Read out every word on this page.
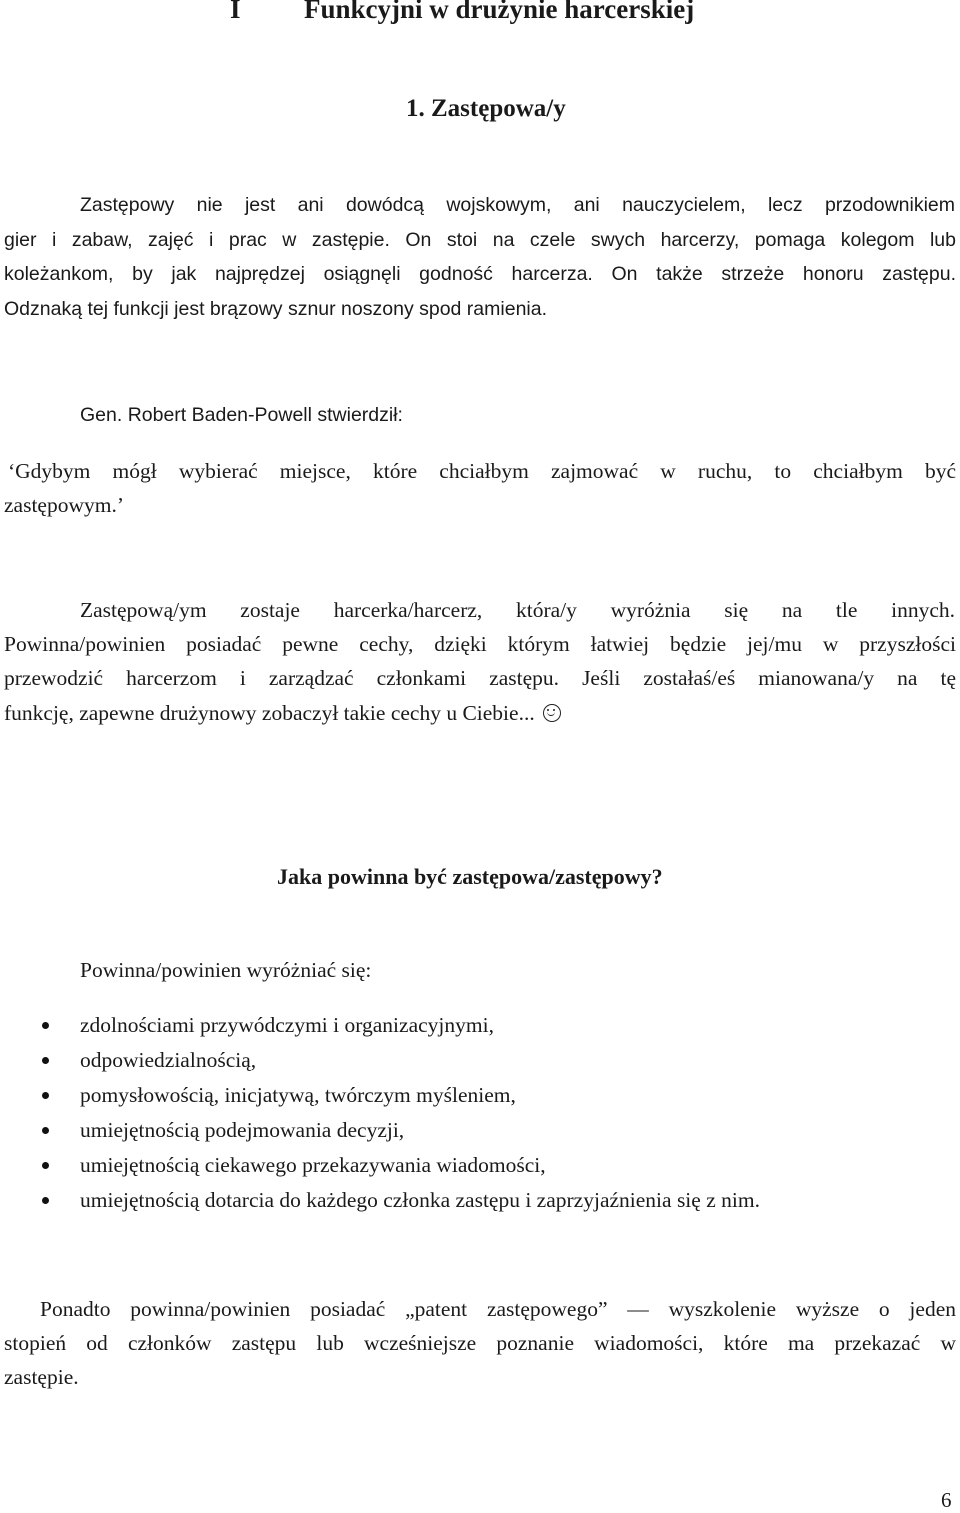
I Funkcyjni w drużynie harcerskiej
1. Zastępowa/y
Zastępowy nie jest ani dowódcą wojskowym, ani nauczycielem, lecz przodownikiem
gier i zabaw, zajęć i prac w zastępie. On stoi na czele swych harcerzy, pomaga kolegom lub
koleżankom, by jak najprędzej osiągnęli godność harcerza. On także strzeże honoru zastępu.
Odznaką tej funkcji jest brązowy sznur noszony spod ramienia.
Gen. Robert Baden-Powell stwierdził:
‘Gdybym mógł wybierać miejsce, które chciałbym zajmować w ruchu, to chciałbym być
zastępowym.’
Zastępową/ym zostaje harcerka/harcerz, która/y wyróżnia się na tle innych.
Powinna/powinien posiadać pewne cechy, dzięki którym łatwiej będzie jej/mu w przyszłości
przewodzić harcerzom i zarządzać członkami zastępu. Jeśli zostałaś/eś mianowana/y na tę
funkcję, zapewne drużynowy zobaczył takie cechy u Ciebie...
Jaka powinna być zastępowa/zastępowy?
Powinna/powinien wyróżniać się:
zdolnościami przywódczymi i organizacyjnymi,
odpowiedzialnością,
pomysłowością, inicjatywą, twórczym myśleniem,
umiejętnością podejmowania decyzji,
umiejętnością ciekawego przekazywania wiadomości,
umiejętnością dotarcia do każdego członka zastępu i zaprzyjaźnienia się z nim.
Ponadto powinna/powinien posiadać „patent zastępowego” — wyszkolenie wyższe o jeden
stopień od członków zastępu lub wcześniejsze poznanie wiadomości, które ma przekazać w
zastępie.
6
